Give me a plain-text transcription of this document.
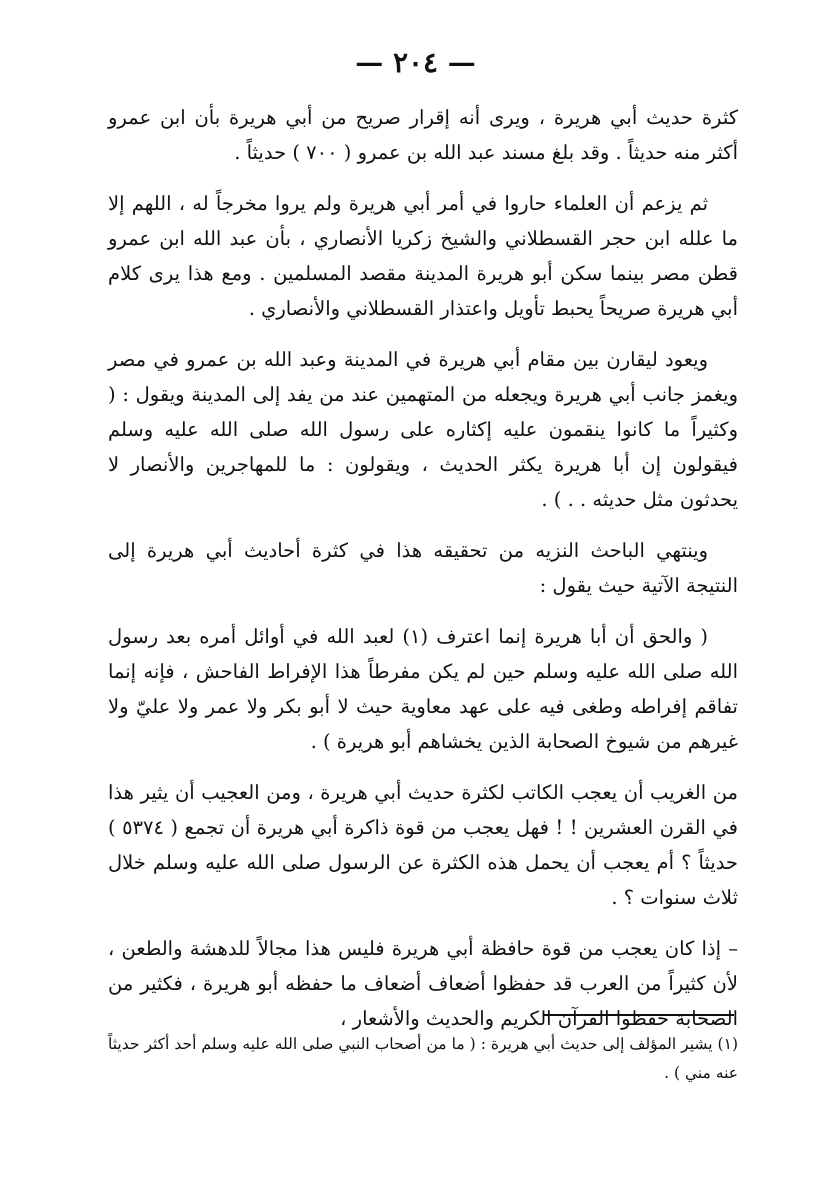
— ٢٠٤ —

كثرة حديث أبي هريرة ، ويرى أنه إقرار صريح من أبي هريرة بأن ابن عمرو أكثر منه حديثاً . وقد بلغ مسند عبد الله بن عمرو ( ٧٠٠ ) حديثاً .

ثم يزعم أن العلماء حاروا في أمر أبي هريرة ولم يروا مخرجاً له ، اللهم إلا ما علله ابن حجر القسطلاني والشيخ زكريا الأنصاري ، بأن عبد الله ابن عمرو قطن مصر بينما سكن أبو هريرة المدينة مقصد المسلمين . ومع هذا يرى كلام أبي هريرة صريحاً يحبط تأويل واعتذار القسطلاني والأنصاري .

ويعود ليقارن بين مقام أبي هريرة في المدينة وعبد الله بن عمرو في مصر ويغمز جانب أبي هريرة ويجعله من المتهمين عند من يفد إلى المدينة ويقول : ( وكثيراً ما كانوا ينقمون عليه إكثاره على رسول الله صلى الله عليه وسلم فيقولون إن أبا هريرة يكثر الحديث ، ويقولون : ما للمهاجرين والأنصار لا يحدثون مثل حديثه . . ) .

وينتهي الباحث النزيه من تحقيقه هذا في كثرة أحاديث أبي هريرة إلى النتيجة الآتية حيث يقول :

( والحق أن أبا هريرة إنما اعترف (١) لعبد الله في أوائل أمره بعد رسول الله صلى الله عليه وسلم حين لم يكن مفرطاً هذا الإفراط الفاحش ، فإنه إنما تفاقم إفراطه وطغى فيه على عهد معاوية حيث لا أبو بكر ولا عمر ولا عليّ ولا غيرهم من شيوخ الصحابة الذين يخشاهم أبو هريرة ) .

من الغريب أن يعجب الكاتب لكثرة حديث أبي هريرة ، ومن العجيب أن يثير هذا في القرن العشرين ! ! فهل يعجب من قوة ذاكرة أبي هريرة أن تجمع ( ٥٣٧٤ ) حديثاً ؟ أم يعجب أن يحمل هذه الكثرة عن الرسول صلى الله عليه وسلم خلال ثلاث سنوات ؟ .

– إذا كان يعجب من قوة حافظة أبي هريرة فليس هذا مجالاً للدهشة والطعن ، لأن كثيراً من العرب قد حفظوا أضعاف أضعاف ما حفظه أبو هريرة ، فكثير من الصحابة حفظوا القرآن الكريم والحديث والأشعار ،

(١) يشير المؤلف إلى حديث أبي هريرة : ( ما من أصحاب النبي صلى الله عليه وسلم أحد أكثر حديثاً عنه مني ) .
